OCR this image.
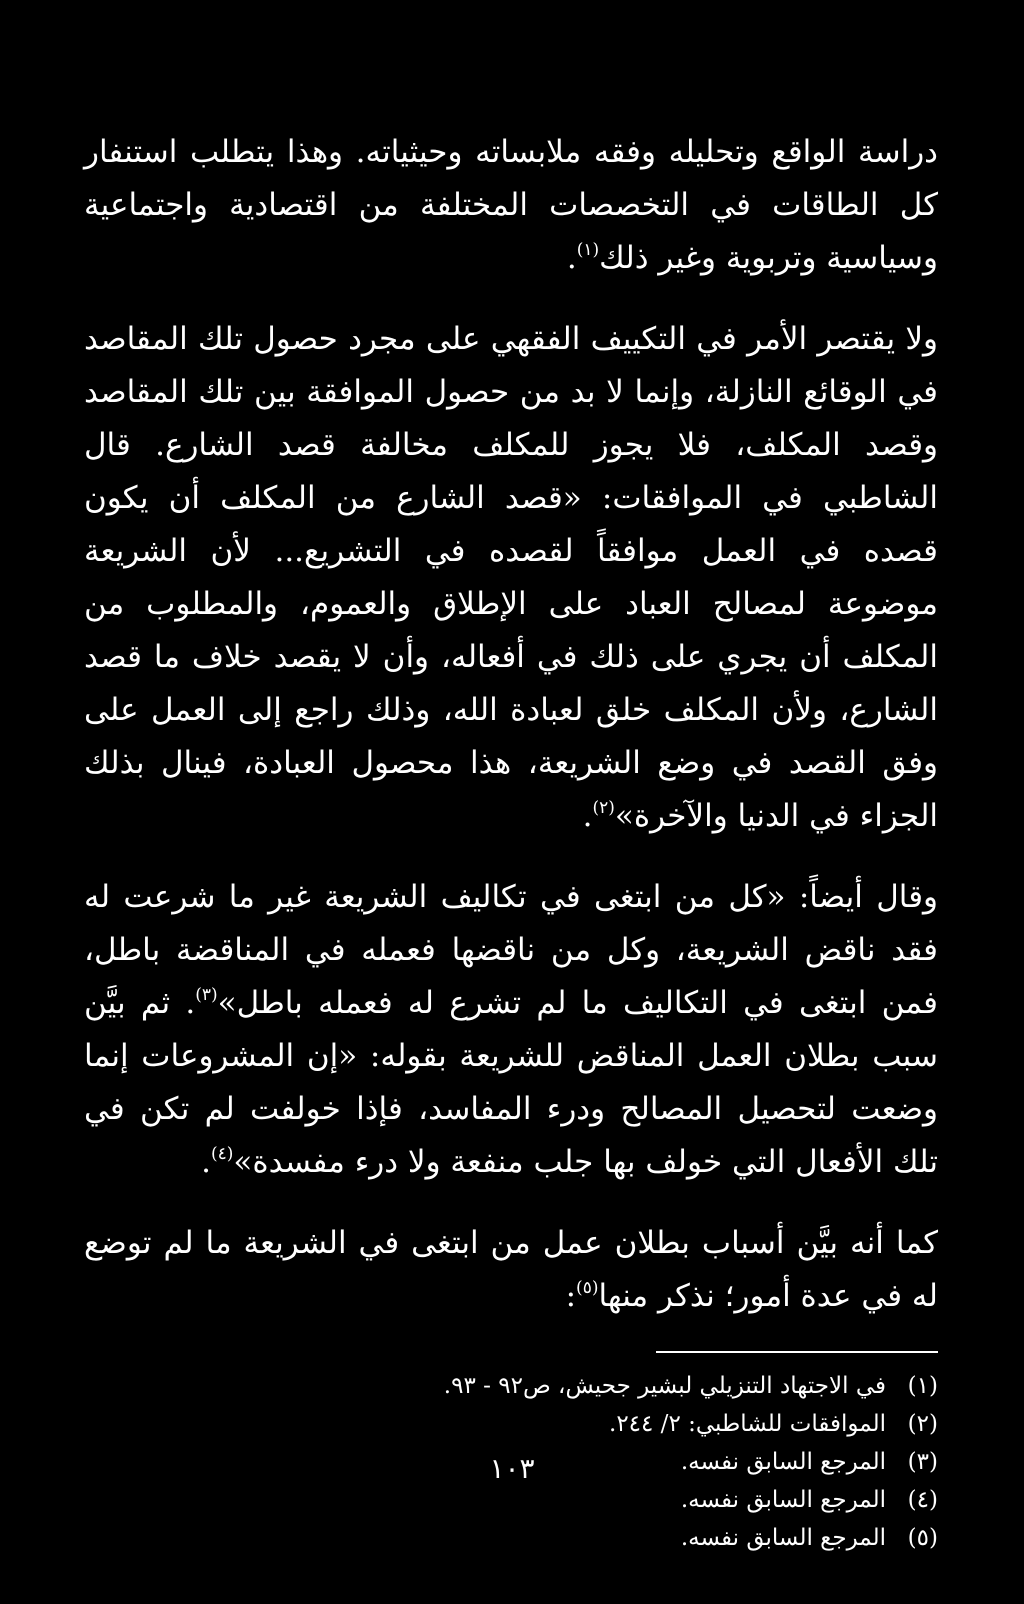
دراسة الواقع وتحليله وفقه ملابساته وحيثياته. وهذا يتطلب استنفار كل الطاقات في التخصصات المختلفة من اقتصادية واجتماعية وسياسية وتربوية وغير ذلك$^{(١)}$.

ولا يقتصر الأمر في التكييف الفقهي على مجرد حصول تلك المقاصد في الوقائع النازلة، وإنما لا بد من حصول الموافقة بين تلك المقاصد وقصد المكلف، فلا يجوز للمكلف مخالفة قصد الشارع. قال الشاطبي في الموافقات: «قصد الشارع من المكلف أن يكون قصده في العمل موافقاً لقصده في التشريع... لأن الشريعة موضوعة لمصالح العباد على الإطلاق والعموم، والمطلوب من المكلف أن يجري على ذلك في أفعاله، وأن لا يقصد خلاف ما قصد الشارع، ولأن المكلف خلق لعبادة الله، وذلك راجع إلى العمل على وفق القصد في وضع الشريعة، هذا محصول العبادة، فينال بذلك الجزاء في الدنيا والآخرة»$^{(٢)}$.

وقال أيضاً: «كل من ابتغى في تكاليف الشريعة غير ما شرعت له فقد ناقض الشريعة، وكل من ناقضها فعمله في المناقضة باطل، فمن ابتغى في التكاليف ما لم تشرع له فعمله باطل»$^{(٣)}$. ثم بيَّن سبب بطلان العمل المناقض للشريعة بقوله: «إن المشروعات إنما وضعت لتحصيل المصالح ودرء المفاسد، فإذا خولفت لم تكن في تلك الأفعال التي خولف بها جلب منفعة ولا درء مفسدة»$^{(٤)}$.

كما أنه بيَّن أسباب بطلان عمل من ابتغى في الشريعة ما لم توضع له في عدة أمور؛ نذكر منها$^{(٥)}$:

(١)
في الاجتهاد التنزيلي لبشير جحيش، ص٩٢ - ٩٣.
(٢)
الموافقات للشاطبي: ٢/ ٢٤٤.
(٣)
المرجع السابق نفسه.
(٤)
المرجع السابق نفسه.
(٥)
المرجع السابق نفسه.
١٠٣
